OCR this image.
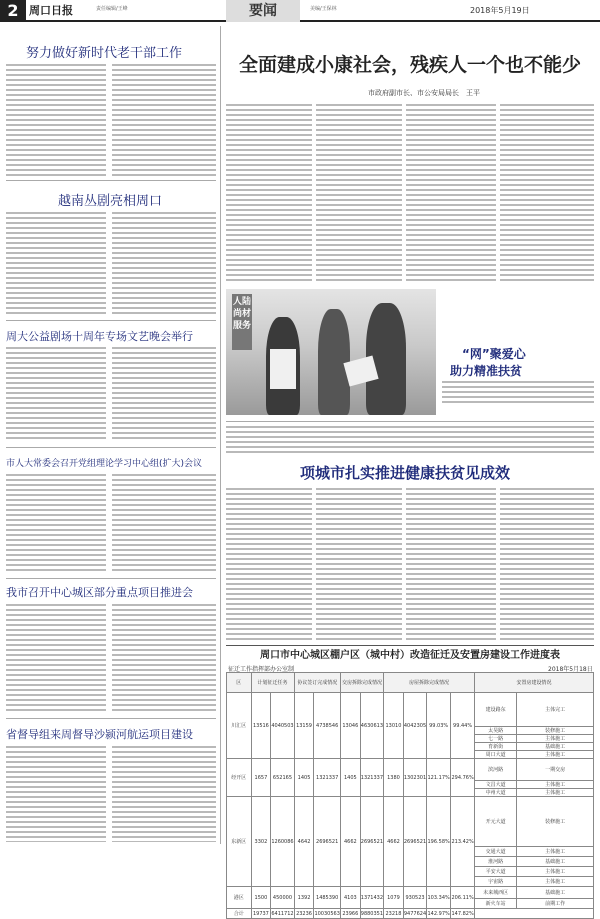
2 周口日报	责任编辑/王峰	要闻	美编/王保林	2018年5月19日
努力做好新时代老干部工作
越南丛剧亮相周口
周大公益剧场十周年专场文艺晚会举行
市人大常委会召开党组理论学习中心组(扩大)会议
我市召开中心城区部分重点项目推进会
省督导组来周督导沙颍河航运项目建设
全面建成小康社会，残疾人一个也不能少
市政府副市长、市公安局局长　王平
人陆尚材服务
“网”聚爱心
助力精准扶贫
项城市扎实推进健康扶贫见成效
周口市中心城区棚户区（城中村）改造征迁及安置房建设工作进度表
征迁工作指挥部办公室制	2018年5月18日
区	计划征迁任务		协议签订完成情况		交房拆除完成情况		房屋拆除完成情况				安置房建设情况	
川汇区	13516	4040503	13159	4738546	13046	4630613	13010	4042305	99.03%	99.44%	建设路东	主体完工
											太昊路	装修施工
											七一路	主体施工
											育新街	基础施工
											周口大道	主体施工
经开区	1657	652165	1405	1321337	1405	1321337	1380	1302301	121.17%	294.76%	滨河路	一期交房
											文昌大道	主体施工
											中州大道	主体施工
东新区	3302	1260086	4642	2696521	4662	2696521	4662	2696521	196.58%	213.42%	开元大道	装修施工
											交通大道	主体施工
											淮河路	基础施工
											平安大道	主体施工
											宇宙路	主体施工
港区	1500	450000	1392	1485390	4103	1371432	1079	930523	103.34%	206.11%	未来城西区	基础施工
											新火车站	前期工作
合计	19737	6411712	23236	10030563	23966	9880351	23218	9477624	142.97%	147.82%		
